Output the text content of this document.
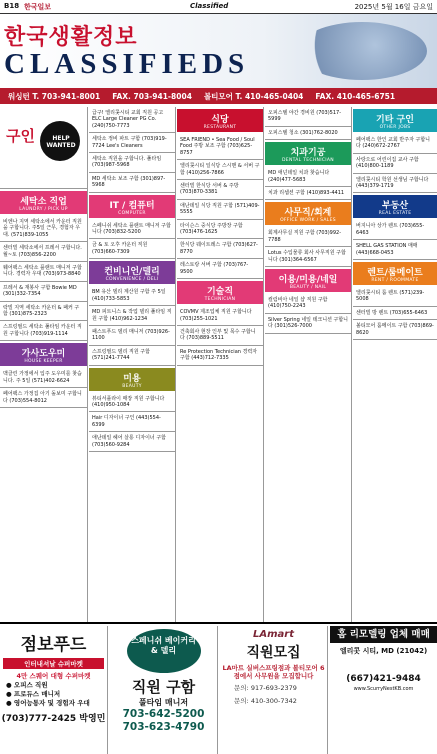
B18 한국일보	Classified	2025년 5월 16일 금요일
한국생활정보
CLASSIFIEDS
워싱턴 T. 703-941-8001 FAX. 703-941-8004 볼티모어 T. 410-465-0404 FAX. 410-465-6751
구인	HELP WANTED
세탁소 직업
LAUNDRY / PICK UP
비엔나 지역 세탁소에서 카운터 직원을 구합니다. 주5일 근무, 경험자 우대. (571)839-1055
센터빌 세탁소에서 프레서 구합니다. 월~토 (703)856-2200
훼어팩스 세탁소 플랜트 매니저 구합니다. 경력자 우대 (703)973-8840
프레서 & 재봉사 구함 Bowie MD (301)332-7354
락빌 지역 세탁소 카운터 & 패커 구함 (301)875-2323
스프링필드 세탁소 풀타임 카운터 직원 구합니다 (703)919-1114
가사도우미
HOUSE KEEPER
맥클린 가정에서 입주 도우미를 찾습니다. 주 5일 (571)402-6624
페어팩스 가정집 아기 돌보미 구합니다 (703)554-8012
급구! 엘리콧시티 교회 직원 공고 ELC Large Cleaner PG Co. (240)750-7773
세탁소 정비 파트 구함 (703)919-7724 Lee's Cleaners
세탁소 직원을 구합니다. 풀타임 (703)987-5968
MD 세탁소 보조 구함 (301)897-5968
IT / 컴퓨터
COMPUTER
스페니쉬 세탁소 플랜트 매니저 구합니다 (703)832-5200
금 & 토 오후 카운터 직원 (703)660-7309
컨비니언/델리
CONVENIENCE / DELI
BM 유산 델리 계산원 구함 주 5일 (410)733-5853
MD 피트니스 & 작업 델리 풀타임 직원 구함 (410)962-1234
패스트푸드 델리 매니저 (703)926-1100
스프링필드 델리 직원 구함 (571)241-7744
미용
BEAUTY
뷰티서플라이 매장 직원 구합니다 (410)950-1084
Hair 디자이너 구인 (443)554-6399
애난데일 헤어 살롱 디자이너 구함 (703)560-9284
식당
RESTAURANT
SEA FRIEND • Sea Food / Soul Food 주방 보조 구함 (703)625-8757
엘리콧시티 일식당 스시맨 & 서버 구함 (410)256-7866
센터빌 한식당 서버 & 주방 (703)870-3381
애난데일 식당 직원 구함 (571)409-5555
타이슨스 중식당 주방장 구함 (703)476-1625
한식당 웨이트레스 구함 (703)627-8770
레스토랑 서버 구함 (703)767-9500
기술직
TECHNICIAN
COVMV 제조업체 직원 구합니다 (703)255-1021
건축회사 현장 인부 및 목수 구합니다 (703)889-5511
Re Protection Technician 경력자 구함 (443)712-7335
오피스텔 야간 경비원 (703)517-5999
오피스텔 청소 (301)762-8020
치과기공
DENTAL TECHNICIAN
MD 애넌데일 치과 찾습니다 (240)477-5683
치과 리셉션 구함 (410)893-4411
사무직/회계
OFFICE WORK / SALES
회계사무실 직원 구함 (703)992-7788
Lotus 수입물류 회사 사무직원 구합니다 (301)364-6567
이용/미용/네일
BEAUTY / NAIL
컬럼비아 네일 샵 직원 구함 (410)750-2243
Silver Spring 네일 테크니션 구합니다 (301)526-7000
기타 구인
OTHER JOBS
페어팩스 한인 교회 반주자 구합니다 (240)672-2767
사랑으로 어린이집 교사 구함 (410)800-1189
엘리콧시티 학원 선생님 구합니다 (443)379-1719
부동산
REAL ESTATE
버지니아 상가 렌트 (703)655-6463
SHELL GAS STATION 매매 (443)668-0453
렌트/룸메이트
RENT / ROOMMATE
엘리콧시티 룸 렌트 (571)239-5008
센터빌 방 렌트 (703)655-6463
볼티모어 룸메이트 구함 (703)869-8620
점보푸드
인터내셔날 슈퍼마켓
4만 스퀘어 대형 수퍼마켓
● 오피스 직원
● 프로듀스 매니저
● 영어능통자 및 경험자 우대
(703)777-2425 박영민
스페니쉬 베이커리 & 델리
직원 구함
풀타임 매니저
703-642-5200
703-623-4790
LAmart
직원모집
LA마트 실버스프링점과 볼티모어 6점에서 사무원을 모집합니다
문의: 917-693-2379
문의: 410-300-7342
홈 리모델링 업체 매매
엘리콧 시티, MD (21042)
(667)421-9484
www.ScurryNestKB.com
